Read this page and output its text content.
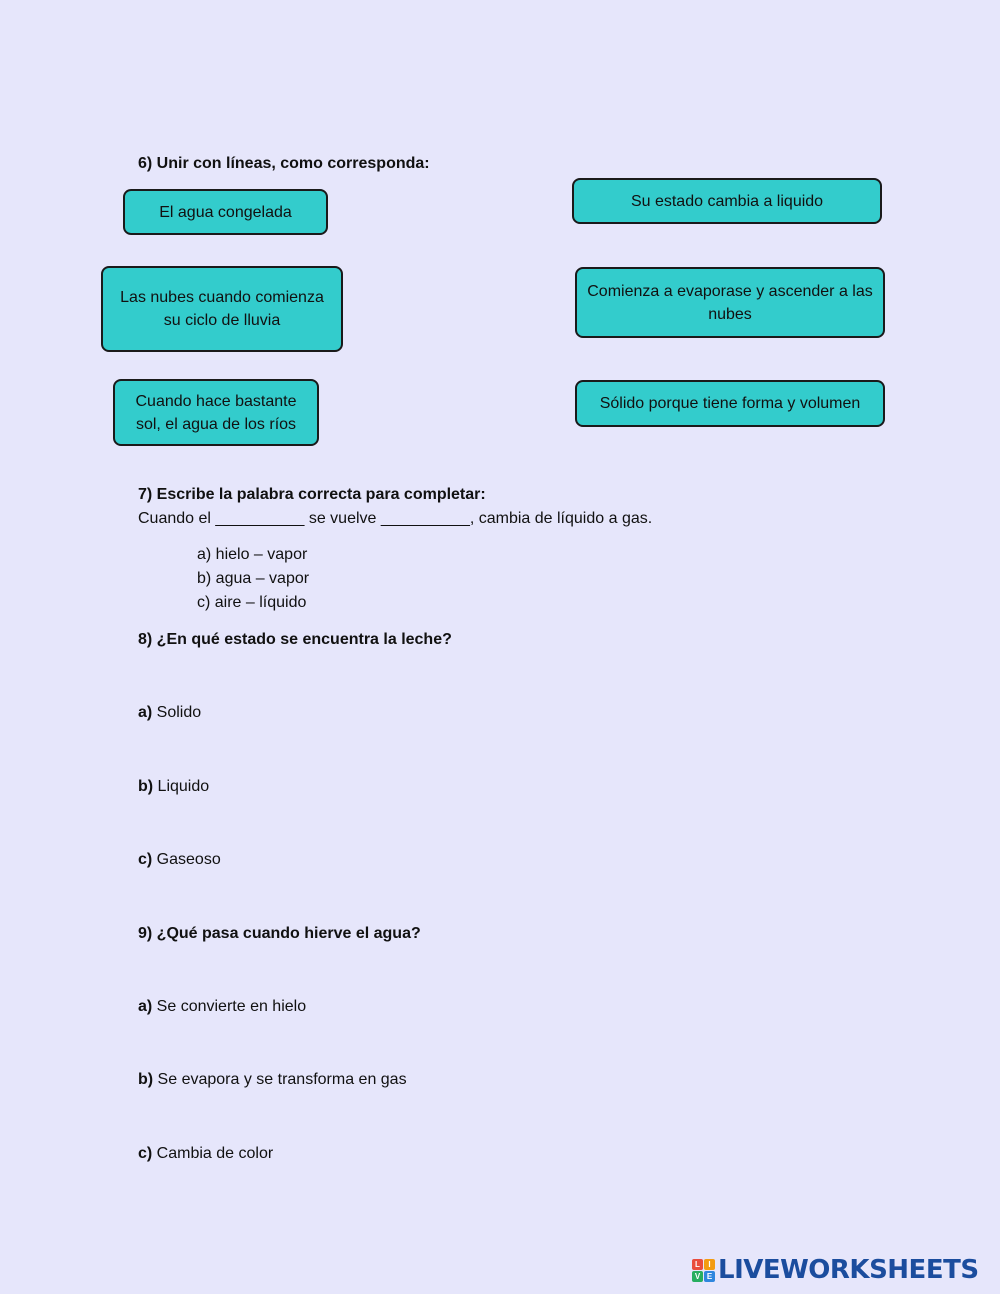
6) Unir con líneas, como corresponda:
El agua congelada
Las nubes cuando comienza su ciclo de lluvia
Cuando hace bastante sol, el agua de los ríos
Su estado cambia a liquido
Comienza a evaporase y ascender a las nubes
Sólido porque tiene forma y volumen
7) Escribe la palabra correcta para completar:
Cuando el __________ se vuelve __________, cambia de líquido a gas.
a) hielo – vapor
b) agua – vapor
c) aire – líquido
8) ¿En qué estado se encuentra la leche?
a) Solido
b) Liquido
c) Gaseoso
9) ¿Qué pasa cuando hierve el agua?
a) Se convierte en hielo
b) Se evapora y se transforma en gas
c) Cambia de color
L	I
V E LIVEWORKSHEETS
